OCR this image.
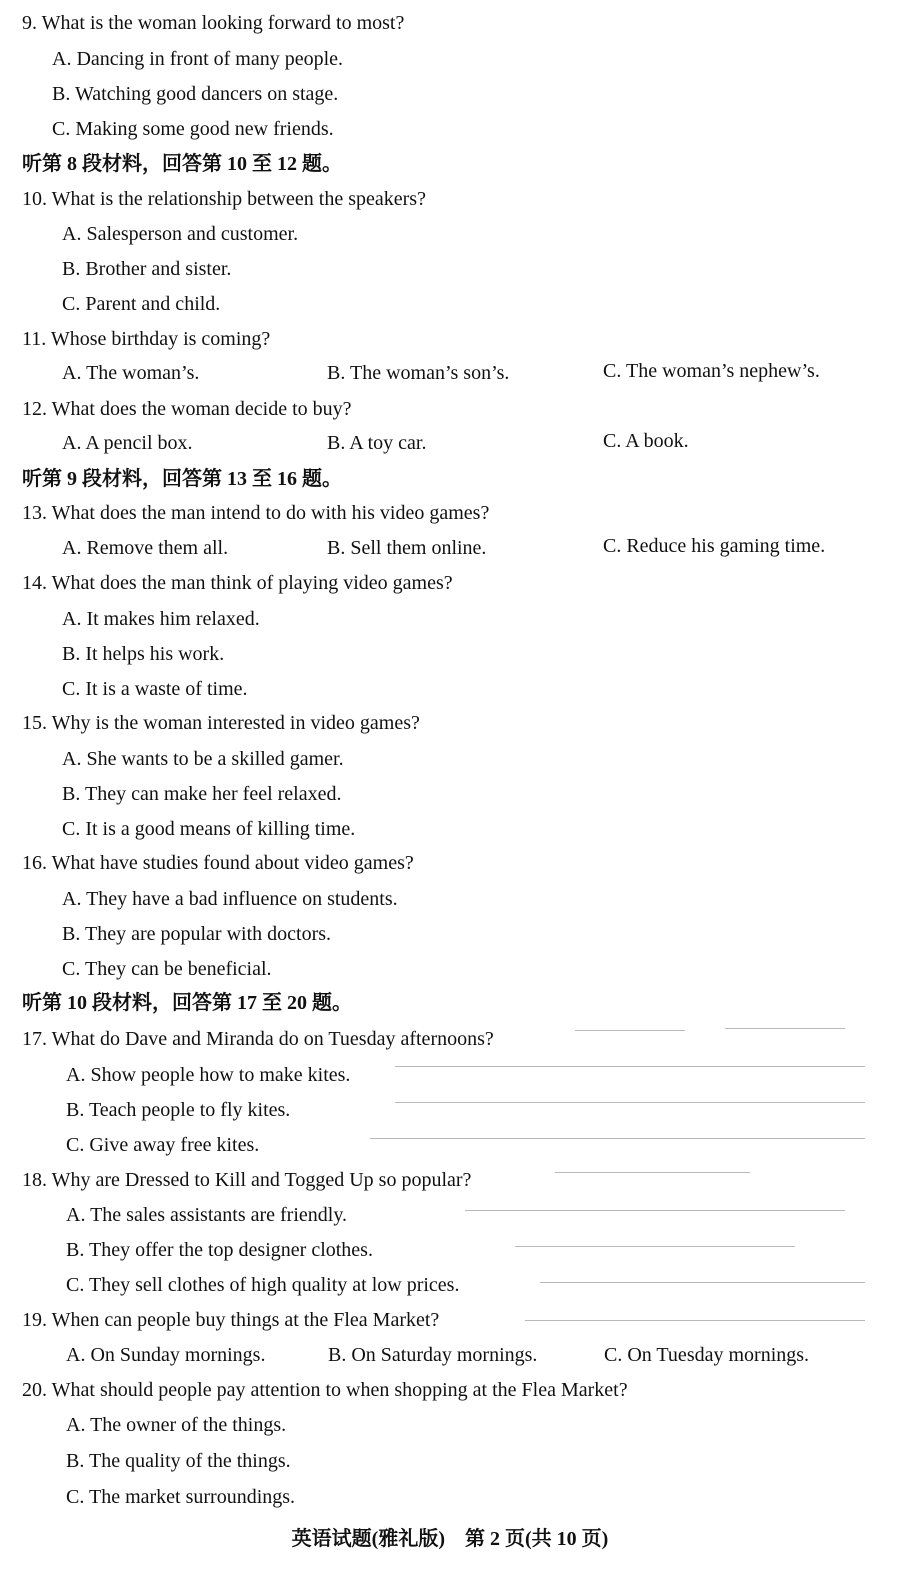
9. What is the woman looking forward to most?
A. Dancing in front of many people.
B. Watching good dancers on stage.
C. Making some good new friends.
听第 8 段材料，回答第 10 至 12 题。
10. What is the relationship between the speakers?
A. Salesperson and customer.
B. Brother and sister.
C. Parent and child.
11. Whose birthday is coming?
A. The woman’s.	B. The woman’s son’s.	C. The woman’s nephew’s.
12. What does the woman decide to buy?
A. A pencil box.	B. A toy car.	C. A book.
听第 9 段材料，回答第 13 至 16 题。
13. What does the man intend to do with his video games?
A. Remove them all.	B. Sell them online.	C. Reduce his gaming time.
14. What does the man think of playing video games?
A. It makes him relaxed.
B. It helps his work.
C. It is a waste of time.
15. Why is the woman interested in video games?
A. She wants to be a skilled gamer.
B. They can make her feel relaxed.
C. It is a good means of killing time.
16. What have studies found about video games?
A. They have a bad influence on students.
B. They are popular with doctors.
C. They can be beneficial.
听第 10 段材料，回答第 17 至 20 题。
17. What do Dave and Miranda do on Tuesday afternoons?
A. Show people how to make kites.
B. Teach people to fly kites.
C. Give away free kites.
18. Why are Dressed to Kill and Togged Up so popular?
A. The sales assistants are friendly.
B. They offer the top designer clothes.
C. They sell clothes of high quality at low prices.
19. When can people buy things at the Flea Market?
A. On Sunday mornings.	B. On Saturday mornings.	C. On Tuesday mornings.
20. What should people pay attention to when shopping at the Flea Market?
A. The owner of the things.
B. The quality of the things.
C. The market surroundings.
英语试题(雅礼版)　第 2 页(共 10 页)
